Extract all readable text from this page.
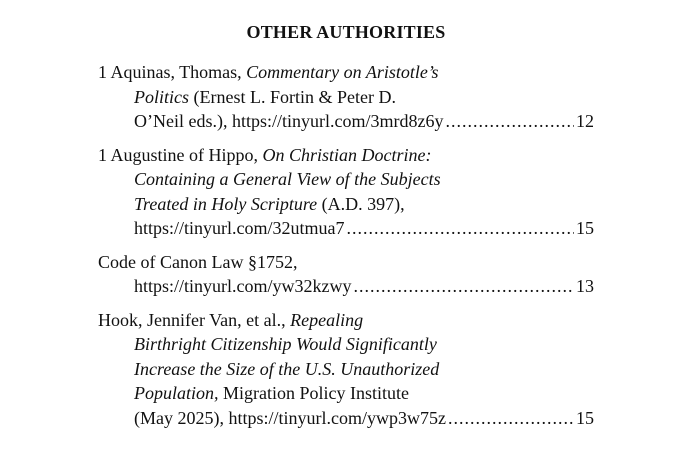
OTHER AUTHORITIES
1 Aquinas, Thomas, Commentary on Aristotle’s
Politics (Ernest L. Fortin & Peter D.
O’Neil eds.), https://tinyurl.com/3mrd8z6y .....	12
1 Augustine of Hippo, On Christian Doctrine:
Containing a General View of the Subjects
Treated in Holy Scripture (A.D. 397),
https://tinyurl.com/32utmua7 .....	15
Code of Canon Law §1752,
https://tinyurl.com/yw32kzwy .....	13
Hook, Jennifer Van, et al., Repealing
Birthright Citizenship Would Significantly
Increase the Size of the U.S. Unauthorized
Population, Migration Policy Institute
(May 2025), https://tinyurl.com/ywp3w75z .....	15
